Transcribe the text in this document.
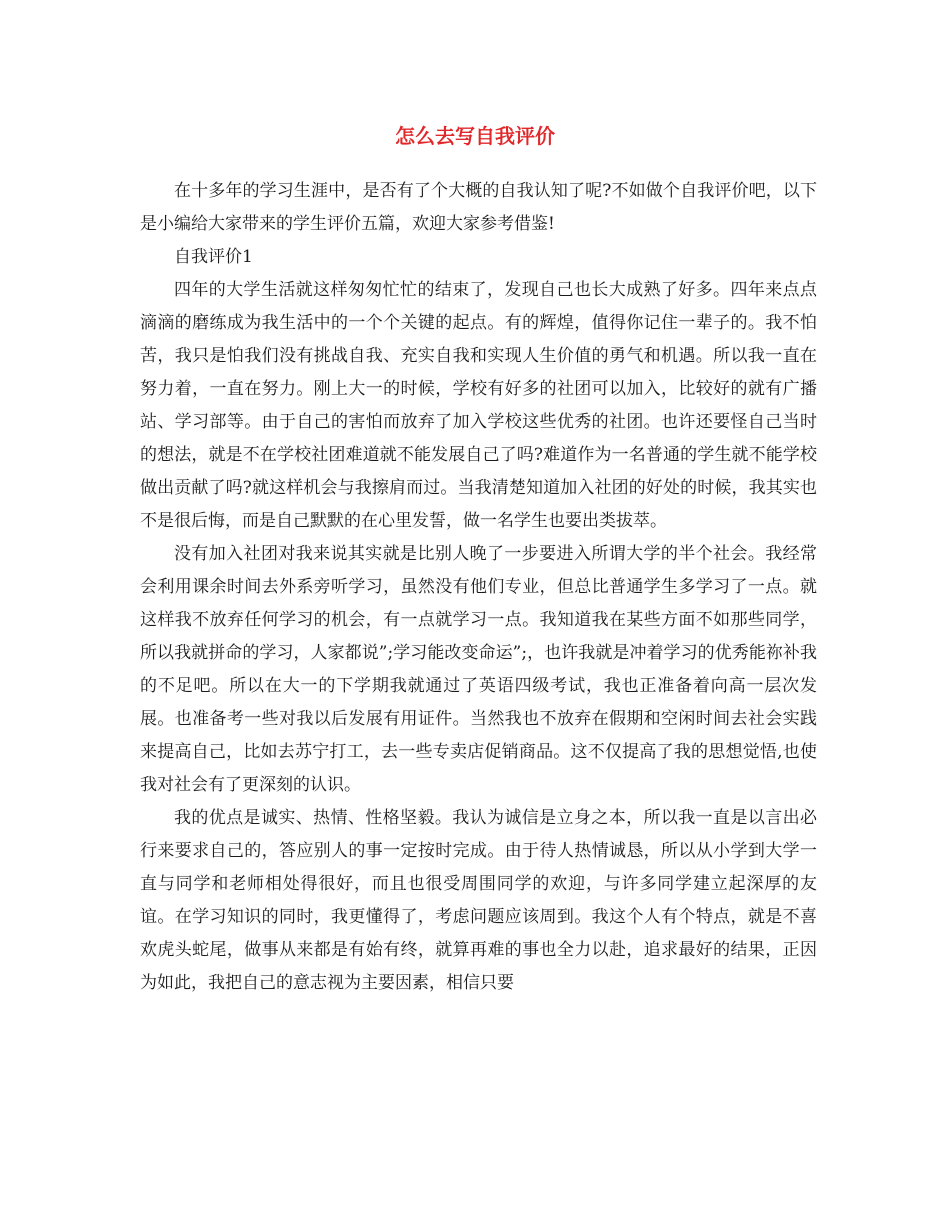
怎么去写自我评价

在十多年的学习生涯中，是否有了个大概的自我认知了呢?不如做个自我评价吧，以下是小编给大家带来的学生评价五篇，欢迎大家参考借鉴!

自我评价1

四年的大学生活就这样匆匆忙忙的结束了，发现自己也长大成熟了好多。四年来点点滴滴的磨练成为我生活中的一个个关键的起点。有的辉煌，值得你记住一辈子的。我不怕苦，我只是怕我们没有挑战自我、充实自我和实现人生价值的勇气和机遇。所以我一直在努力着，一直在努力。刚上大一的时候，学校有好多的社团可以加入，比较好的就有广播站、学习部等。由于自己的害怕而放弃了加入学校这些优秀的社团。也许还要怪自己当时的想法，就是不在学校社团难道就不能发展自己了吗?难道作为一名普通的学生就不能学校做出贡献了吗?就这样机会与我擦肩而过。当我清楚知道加入社团的好处的时候，我其实也不是很后悔，而是自己默默的在心里发誓，做一名学生也要出类拔萃。

没有加入社团对我来说其实就是比别人晚了一步要进入所谓大学的半个社会。我经常会利用课余时间去外系旁听学习，虽然没有他们专业，但总比普通学生多学习了一点。就这样我不放弃任何学习的机会，有一点就学习一点。我知道我在某些方面不如那些同学，所以我就拼命的学习，人家都说”;学习能改变命运”;，也许我就是冲着学习的优秀能祢补我的不足吧。所以在大一的下学期我就通过了英语四级考试，我也正准备着向高一层次发展。也准备考一些对我以后发展有用证件。当然我也不放弃在假期和空闲时间去社会实践来提高自己，比如去苏宁打工，去一些专卖店促销商品。这不仅提高了我的思想觉悟,也使我对社会有了更深刻的认识。

我的优点是诚实、热情、性格坚毅。我认为诚信是立身之本，所以我一直是以言出必行来要求自己的，答应别人的事一定按时完成。由于待人热情诚恳，所以从小学到大学一直与同学和老师相处得很好，而且也很受周围同学的欢迎，与许多同学建立起深厚的友谊。在学习知识的同时，我更懂得了，考虑问题应该周到。我这个人有个特点，就是不喜欢虎头蛇尾，做事从来都是有始有终，就算再难的事也全力以赴，追求最好的结果，正因为如此，我把自己的意志视为主要因素，相信只要
